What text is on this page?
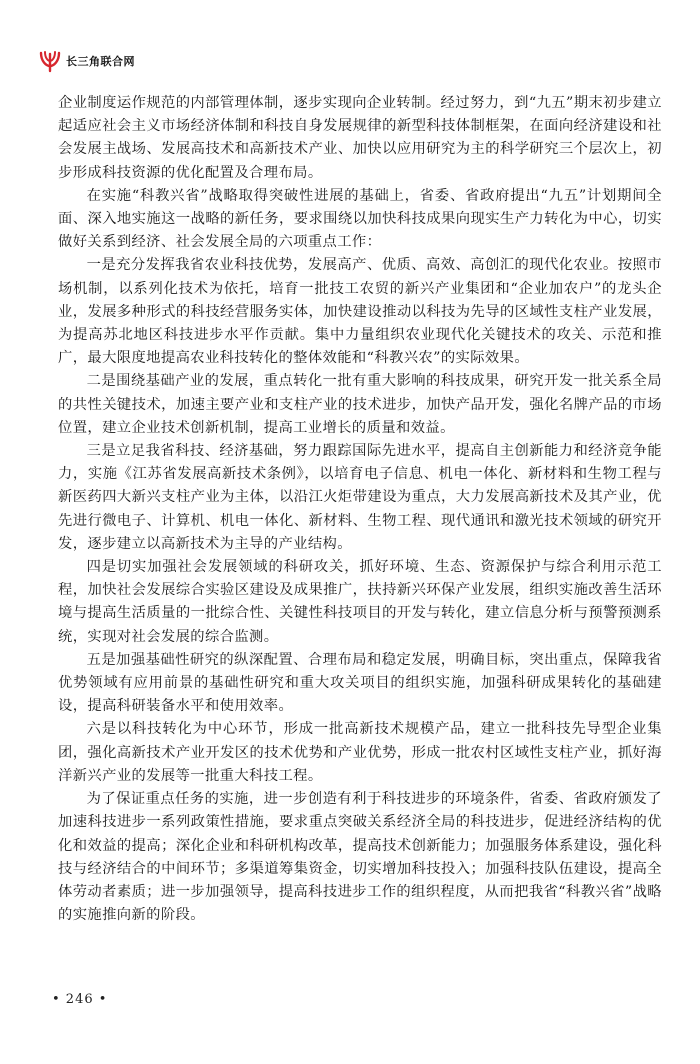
长三角联合网

企业制度运作规范的内部管理体制，逐步实现向企业转制。经过努力，到“九五”期末初步建立起适应社会主义市场经济体制和科技自身发展规律的新型科技体制框架，在面向经济建设和社会发展主战场、发展高技术和高新技术产业、加快以应用研究为主的科学研究三个层次上，初步形成科技资源的优化配置及合理布局。

在实施“科教兴省”战略取得突破性进展的基础上，省委、省政府提出“九五”计划期间全面、深入地实施这一战略的新任务，要求围绕以加快科技成果向现实生产力转化为中心，切实做好关系到经济、社会发展全局的六项重点工作：

一是充分发挥我省农业科技优势，发展高产、优质、高效、高创汇的现代化农业。按照市场机制，以系列化技术为依托，培育一批技工农贸的新兴产业集团和“企业加农户”的龙头企业，发展多种形式的科技经营服务实体，加快建设推动以科技为先导的区域性支柱产业发展，为提高苏北地区科技进步水平作贡献。集中力量组织农业现代化关键技术的攻关、示范和推广，最大限度地提高农业科技转化的整体效能和“科教兴农”的实际效果。

二是围绕基础产业的发展，重点转化一批有重大影响的科技成果，研究开发一批关系全局的共性关键技术，加速主要产业和支柱产业的技术进步，加快产品开发，强化名牌产品的市场位置，建立企业技术创新机制，提高工业增长的质量和效益。

三是立足我省科技、经济基础，努力跟踪国际先进水平，提高自主创新能力和经济竞争能力，实施《江苏省发展高新技术条例》，以培育电子信息、机电一体化、新材料和生物工程与新医药四大新兴支柱产业为主体，以沿江火炬带建设为重点，大力发展高新技术及其产业，优先进行微电子、计算机、机电一体化、新材料、生物工程、现代通讯和激光技术领域的研究开发，逐步建立以高新技术为主导的产业结构。

四是切实加强社会发展领域的科研攻关，抓好环境、生态、资源保护与综合利用示范工程，加快社会发展综合实验区建设及成果推广，扶持新兴环保产业发展，组织实施改善生活环境与提高生活质量的一批综合性、关键性科技项目的开发与转化，建立信息分析与预警预测系统，实现对社会发展的综合监测。

五是加强基础性研究的纵深配置、合理布局和稳定发展，明确目标，突出重点，保障我省优势领域有应用前景的基础性研究和重大攻关项目的组织实施，加强科研成果转化的基础建设，提高科研装备水平和使用效率。

六是以科技转化为中心环节，形成一批高新技术规模产品，建立一批科技先导型企业集团，强化高新技术产业开发区的技术优势和产业优势，形成一批农村区域性支柱产业，抓好海洋新兴产业的发展等一批重大科技工程。

为了保证重点任务的实施，进一步创造有利于科技进步的环境条件，省委、省政府颁发了加速科技进步一系列政策性措施，要求重点突破关系经济全局的科技进步，促进经济结构的优化和效益的提高；深化企业和科研机构改革，提高技术创新能力；加强服务体系建设，强化科技与经济结合的中间环节；多渠道筹集资金，切实增加科技投入；加强科技队伍建设，提高全体劳动者素质；进一步加强领导，提高科技进步工作的组织程度，从而把我省“科教兴省”战略的实施推向新的阶段。

• 246 •
